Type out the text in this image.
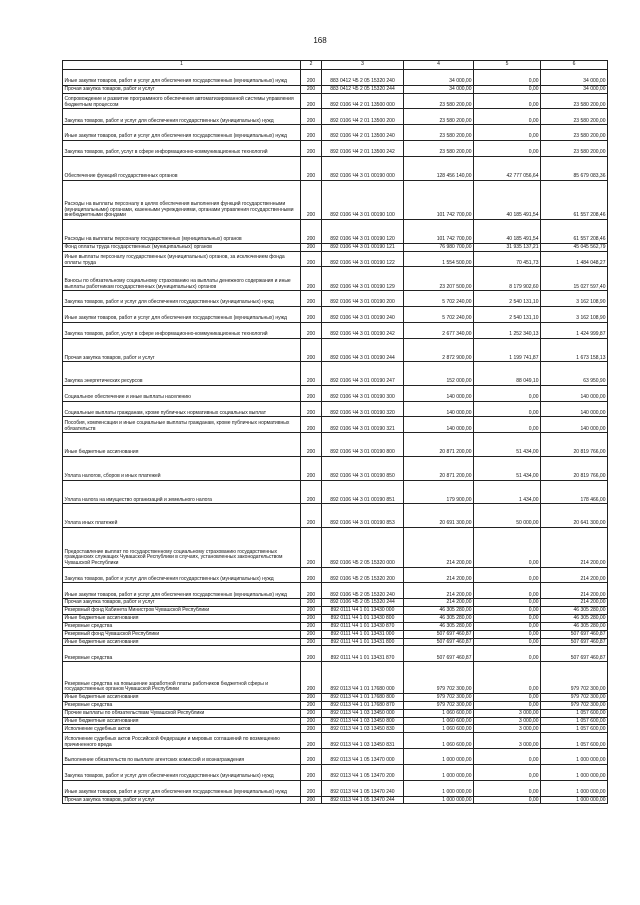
168
1	2	3	4	5	6
Иные закупки товаров, работ и услуг для обеспечения государственных (муниципальных) нужд	200	883 0412 Ч5 2 05 15320 240	34 000,00	0,00	34 000,00
Прочая закупка товаров, работ и услуг	200	883 0412 Ч5 2 05 15320 244	34 000,00	0,00	34 000,00
Сопровождение и развитие программного обеспечения автоматизированной системы управления бюджетным процессом	200	892 0106 Ч4 2 01 13500 000	23 580 200,00	0,00	23 580 200,00
Закупка товаров, работ и услуг для обеспечения государственных (муниципальных) нужд	200	892 0106 Ч4 2 01 13500 200	23 580 200,00	0,00	23 580 200,00
Иные закупки товаров, работ и услуг для обеспечения государственных (муниципальных) нужд	200	892 0106 Ч4 2 01 13500 240	23 580 200,00	0,00	23 580 200,00
Закупка товаров, работ, услуг в сфере информационно-коммуникационных технологий	200	892 0106 Ч4 2 01 13500 242	23 580 200,00	0,00	23 580 200,00
Обеспечение функций государственных органов	200	892 0106 Ч4 3 01 00190 000	128 456 140,00	42 777 056,64	85 679 083,36
Расходы на выплаты персоналу в целях обеспечения выполнения функций государственными (муниципальными) органами, казенными учреждениями, органами управления государственными внебюджетными фондами	200	892 0106 Ч4 3 01 00190 100	101 742 700,00	40 185 491,54	61 557 208,46
Расходы на выплаты персоналу государственных (муниципальных) органов	200	892 0106 Ч4 3 01 00190 120	101 742 700,00	40 185 491,54	61 557 208,46
Фонд оплаты труда государственных (муниципальных) органов	200	892 0106 Ч4 3 01 00190 121	76 980 700,00	31 935 137,21	45 045 562,79
Иные выплаты персоналу государственных (муниципальных) органов, за исключением фонда оплаты труда	200	892 0106 Ч4 3 01 00190 122	1 554 500,00	70 451,73	1 484 048,27
Взносы по обязательному социальному страхованию на выплаты денежного содержания и иные выплаты работникам государственных (муниципальных) органов	200	892 0106 Ч4 3 01 00190 129	23 207 500,00	8 179 902,60	15 027 597,40
Закупка товаров, работ и услуг для обеспечения государственных (муниципальных) нужд	200	892 0106 Ч4 3 01 00190 200	5 702 240,00	2 540 131,10	3 162 108,90
Иные закупки товаров, работ и услуг для обеспечения государственных (муниципальных) нужд	200	892 0106 Ч4 3 01 00190 240	5 702 240,00	2 540 131,10	3 162 108,90
Закупка товаров, работ, услуг в сфере информационно-коммуникационных технологий	200	892 0106 Ч4 3 01 00190 242	2 677 340,00	1 252 340,13	1 424 999,87
Прочая закупка товаров, работ и услуг	200	892 0106 Ч4 3 01 00190 244	2 872 900,00	1 199 741,87	1 673 158,13
Закупка энергетических ресурсов	200	892 0106 Ч4 3 01 00190 247	152 000,00	88 049,10	63 950,90
Социальное обеспечение и иные выплаты населению	200	892 0106 Ч4 3 01 00190 300	140 000,00	0,00	140 000,00
Социальные выплаты гражданам, кроме публичных нормативных социальных выплат	200	892 0106 Ч4 3 01 00190 320	140 000,00	0,00	140 000,00
Пособия, компенсации и иные социальные выплаты гражданам, кроме публичных нормативных обязательств	200	892 0106 Ч4 3 01 00190 321	140 000,00	0,00	140 000,00
Иные бюджетные ассигнования	200	892 0106 Ч4 3 01 00190 800	20 871 200,00	51 434,00	20 819 766,00
Уплата налогов, сборов и иных платежей	200	892 0106 Ч4 3 01 00190 850	20 871 200,00	51 434,00	20 819 766,00
Уплата налога на имущество организаций и земельного налога	200	892 0106 Ч4 3 01 00190 851	179 900,00	1 434,00	178 466,00
Уплата иных платежей	200	892 0106 Ч4 3 01 00190 853	20 691 300,00	50 000,00	20 641 300,00
Предоставление выплат по государственному социальному страхованию государственных гражданских служащих Чувашской Республики в случаях, установленных законодательством Чувашской Республики	200	892 0106 Ч5 2 05 15320 000	214 200,00	0,00	214 200,00
Закупка товаров, работ и услуг для обеспечения государственных (муниципальных) нужд	200	892 0106 Ч5 2 05 15320 200	214 200,00	0,00	214 200,00
Иные закупки товаров, работ и услуг для обеспечения государственных (муниципальных) нужд	200	892 0106 Ч5 2 05 15320 240	214 200,00	0,00	214 200,00
Прочая закупка товаров, работ и услуг	200	892 0106 Ч5 2 05 15320 244	214 200,00	0,00	214 200,00
Резервный фонд Кабинета Министров Чувашской Республики	200	892 0111 Ч4 1 01 13430 000	46 305 280,00	0,00	46 305 280,00
Иные бюджетные ассигнования	200	892 0111 Ч4 1 01 13430 800	46 305 280,00	0,00	46 305 280,00
Резервные средства	200	892 0111 Ч4 1 01 13430 870	46 305 280,00	0,00	46 305 280,00
Резервный фонд Чувашской Республики	200	892 0111 Ч4 1 01 13431 000	507 697 460,87	0,00	507 697 460,87
Иные бюджетные ассигнования	200	892 0111 Ч4 1 01 13431 800	507 697 460,87	0,00	507 697 460,87
Резервные средства	200	892 0111 Ч4 1 01 13431 870	507 697 460,87	0,00	507 697 460,87
Резервные средства на повышение заработной платы работников бюджетной сферы и государственных органов Чувашской Республики	200	892 0113 Ч4 1 01 17680 000	979 702 300,00	0,00	979 702 300,00
Иные бюджетные ассигнования	200	892 0113 Ч4 1 01 17680 800	979 702 300,00	0,00	979 702 300,00
Резервные средства	200	892 0113 Ч4 1 01 17680 870	979 702 300,00	0,00	979 702 300,00
Прочие выплаты по обязательствам Чувашской Республики	200	892 0113 Ч4 1 03 13450 000	1 060 600,00	3 000,00	1 057 600,00
Иные бюджетные ассигнования	200	892 0113 Ч4 1 03 13450 800	1 060 600,00	3 000,00	1 057 600,00
Исполнение судебных актов	200	892 0113 Ч4 1 03 13450 830	1 060 600,00	3 000,00	1 057 600,00
Исполнение судебных актов Российской Федерации и мировых соглашений по возмещению причиненного вреда	200	892 0113 Ч4 1 03 13450 831	1 060 600,00	3 000,00	1 057 600,00
Выполнение обязательств по выплате агентских комиссий и вознаграждения	200	892 0113 Ч4 1 05 13470 000	1 000 000,00	0,00	1 000 000,00
Закупка товаров, работ и услуг для обеспечения государственных (муниципальных) нужд	200	892 0113 Ч4 1 05 13470 200	1 000 000,00	0,00	1 000 000,00
Иные закупки товаров, работ и услуг для обеспечения государственных (муниципальных) нужд	200	892 0113 Ч4 1 05 13470 240	1 000 000,00	0,00	1 000 000,00
Прочая закупка товаров, работ и услуг	200	892 0113 Ч4 1 05 13470 244	1 000 000,00	0,00	1 000 000,00
